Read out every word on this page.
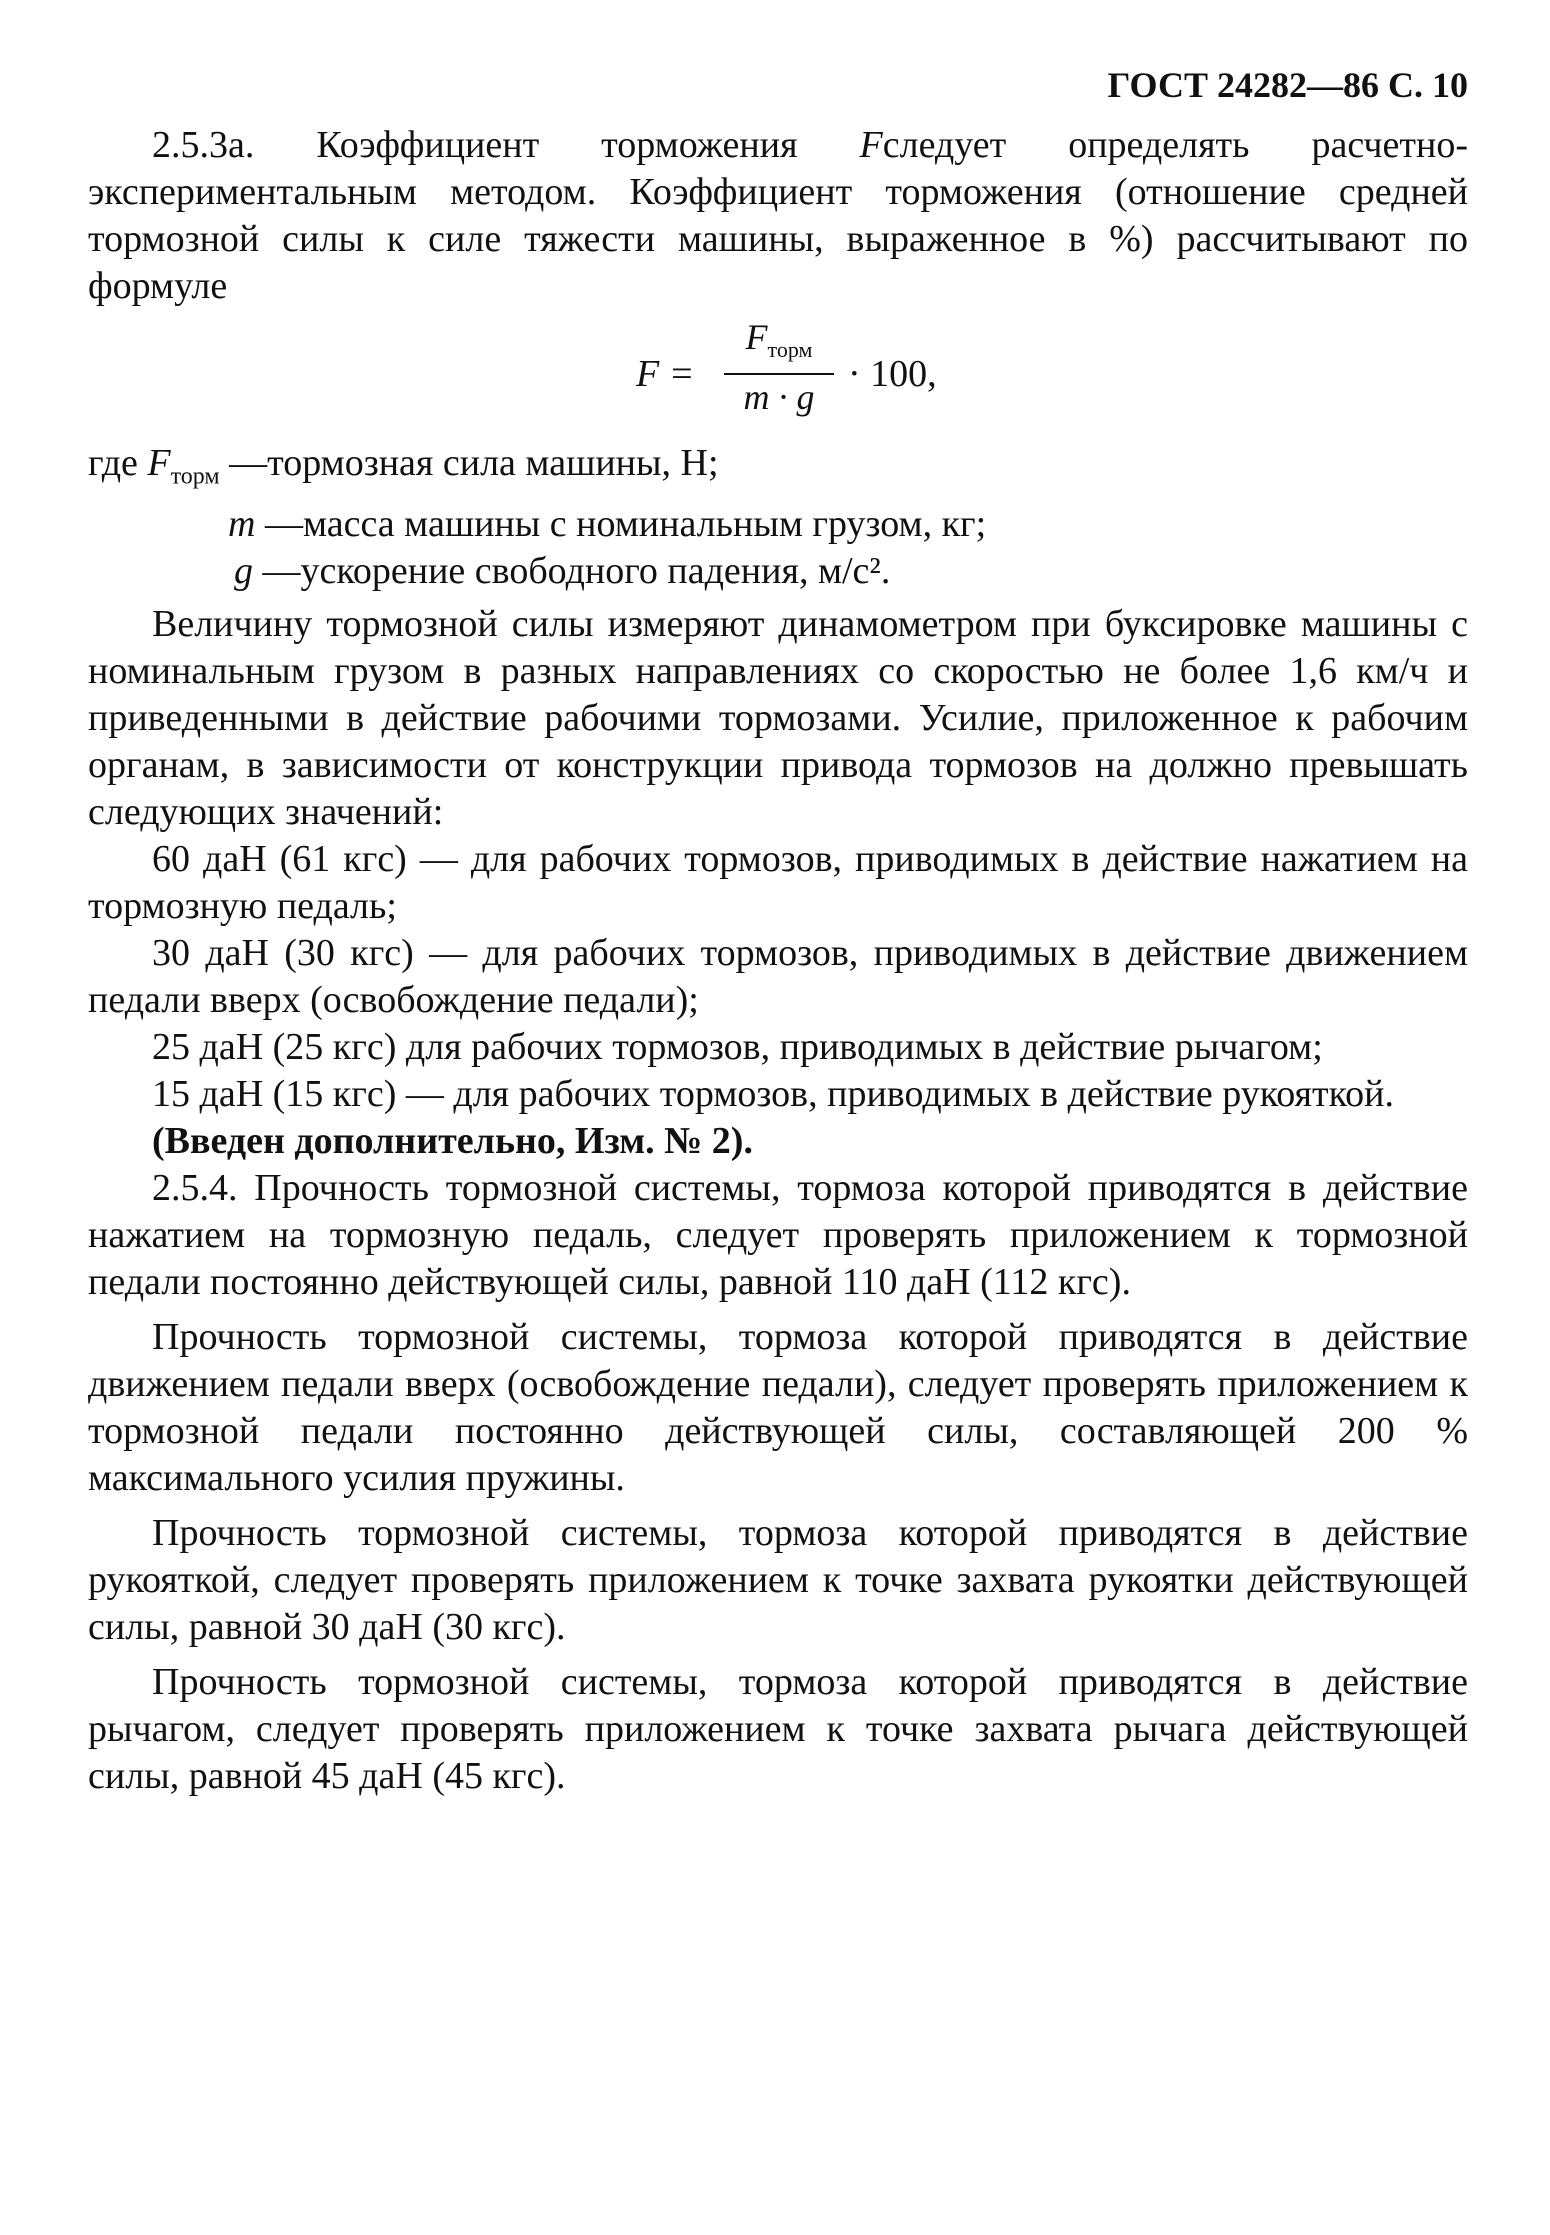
ГОСТ 24282—86 С. 10

2.5.3а. Коэффициент торможения Fследует определять расчетно-экспериментальным методом. Коэффициент торможения (отношение средней тормозной силы к силе тяжести машины, выраженное в %) рассчитывают по формуле

F =
$F_{торм}$
m · g
· 100,
где $F_{торм}$ —тормозная сила машины, Н;
m —масса машины с номинальным грузом, кг;
g —ускорение свободного падения, м/с².

Величину тормозной силы измеряют динамометром при буксировке машины с номинальным грузом в разных направлениях со скоростью не более 1,6 км/ч и приведенными в действие рабочими тормозами. Усилие, приложенное к рабочим органам, в зависимости от конструкции привода тормозов на должно превышать следующих значений:

60 даН (61 кгс) — для рабочих тормозов, приводимых в действие нажатием на тормозную педаль;

30 даН (30 кгс) — для рабочих тормозов, приводимых в действие движением педали вверх (освобождение педали);

25 даН (25 кгс) для рабочих тормозов, приводимых в действие рычагом;

15 даН (15 кгс) — для рабочих тормозов, приводимых в действие рукояткой.

(Введен дополнительно, Изм. № 2).

2.5.4. Прочность тормозной системы, тормоза которой приводятся в действие нажатием на тормозную педаль, следует проверять приложением к тормозной педали постоянно действующей силы, равной 110 даН (112 кгс).

Прочность тормозной системы, тормоза которой приводятся в действие движением педали вверх (освобождение педали), следует проверять приложением к тормозной педали постоянно действующей силы, составляющей 200 % максимального усилия пружины.

Прочность тормозной системы, тормоза которой приводятся в действие рукояткой, следует проверять приложением к точке захвата рукоятки действующей силы, равной 30 даН (30 кгс).

Прочность тормозной системы, тормоза которой приводятся в действие рычагом, следует проверять приложением к точке захвата рычага действующей силы, равной 45 даН (45 кгс).
